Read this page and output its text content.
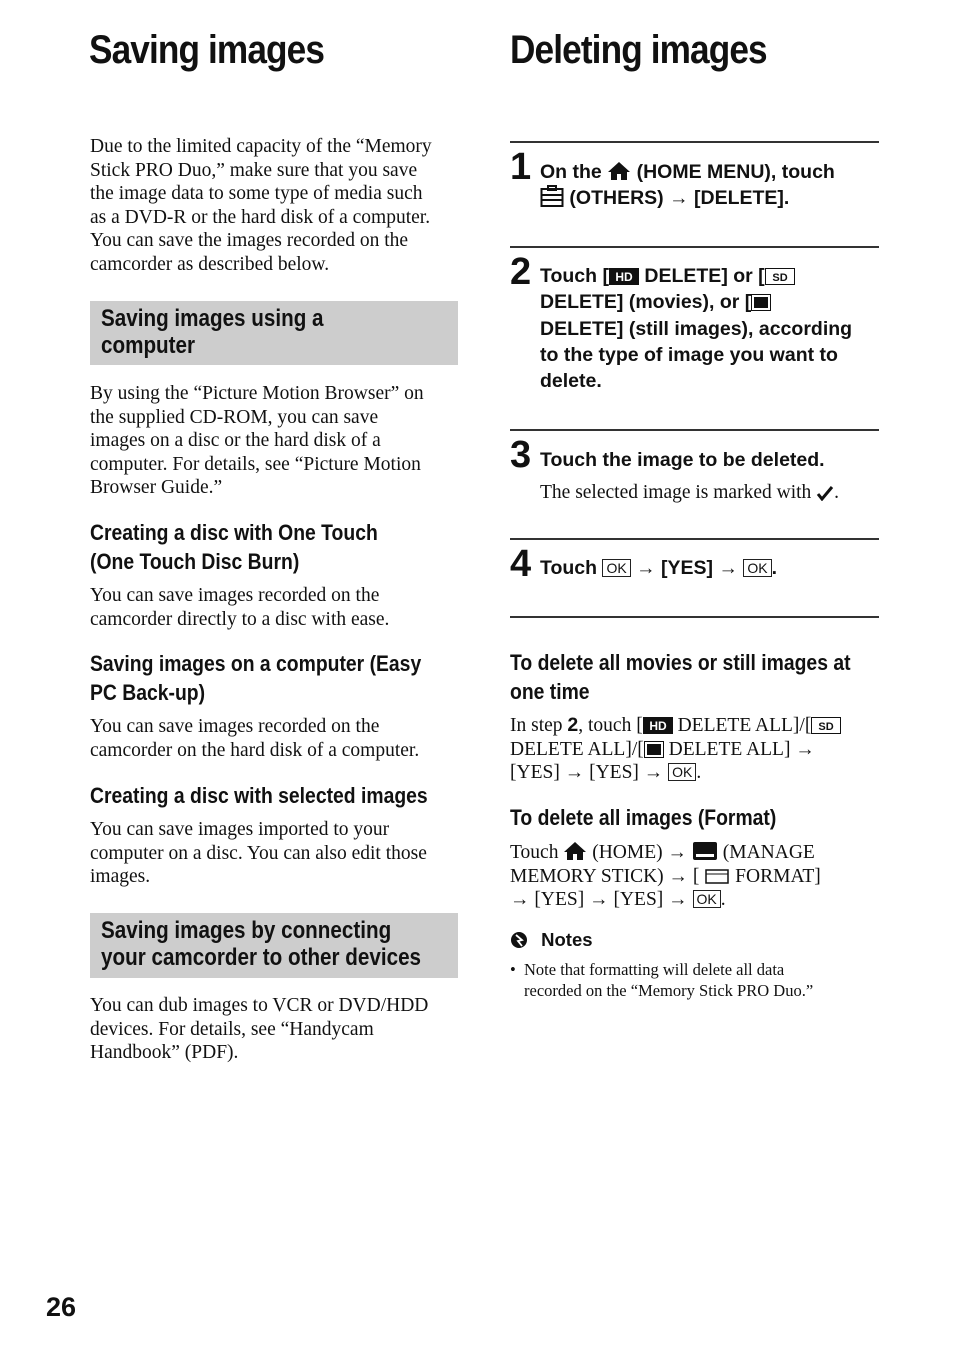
Saving images	Deleting images
Due to the limited capacity of the “Memory
Stick PRO Duo,” make sure that you save
the image data to some type of media such
as a DVD-R or the hard disk of a computer.
You can save the images recorded on the
camcorder as described below.
Saving images using a
computer
By using the “Picture Motion Browser” on
the supplied CD-ROM, you can save
images on a disc or the hard disk of a
computer. For details, see “Picture Motion
Browser Guide.”
Creating a disc with One Touch
(One Touch Disc Burn)
You can save images recorded on the
camcorder directly to a disc with ease.
Saving images on a computer (Easy
PC Back-up)
You can save images recorded on the
camcorder on the hard disk of a computer.
Creating a disc with selected images
You can save images imported to your
computer on a disc. You can also edit those
images.
Saving images by connecting
your camcorder to other devices
You can dub images to VCR or DVD/HDD
devices. For details, see “Handycam
Handbook” (PDF).
1 On the (HOME MENU), touch
(OTHERS) → [DELETE].
2 Touch [ HD DELETE] or [ SD
DELETE] (movies), or [
DELETE] (still images), according
to the type of image you want to
delete.
3 Touch the image to be deleted.
The selected image is marked with .
4 Touch OK → [YES] → OK .
To delete all movies or still images at
one time
In step 2, touch [ HD DELETE ALL]/[ SD
DELETE ALL]/[ DELETE ALL] →
[YES] → [YES] → OK .
To delete all images (Format)
Touch (HOME) → (MANAGE
MEMORY STICK) → [ FORMAT]
→ [YES] → [YES] → OK .
Notes
• Note that formatting will delete all data
recorded on the “Memory Stick PRO Duo.”
26
